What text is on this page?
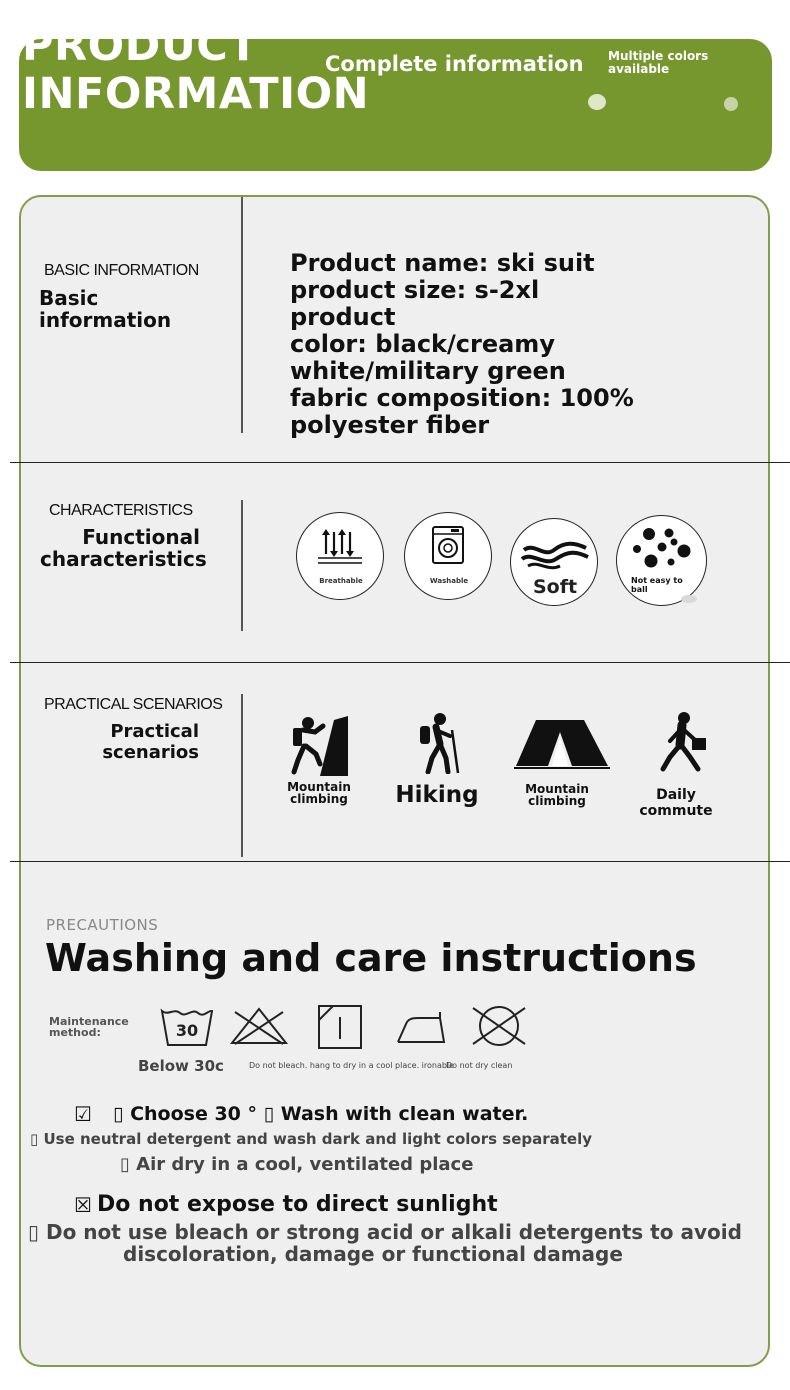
PRODUCT
INFORMATION
Complete information Multiple colors
available
BASIC INFORMATION
Basic
information
Product name: ski suit
product size: s-2xl product
color: black/creamy
white/military green
fabric composition: 100%
polyester fiber
CHARACTERISTICS
Functional
characteristics
Breathable	Washable	Soft	Not easy to
ball
PRACTICAL SCENARIOS
Practical
scenarios
Mountain
climbing	Hiking	Mountain
climbing	Daily commute
PRECAUTIONS
Washing and care instructions
Maintenance
method:	30
Below 30c	Do not bleach. hang to dry in a cool place. ironable
Do not dry clean
☑ ▯ Choose 30 ° ▯ Wash with clean water.
▯ Use neutral detergent and wash dark and light colors separately
▯ Air dry in a cool, ventilated place
☒ Do not expose to direct sunlight
▯ Do not use bleach or strong acid or alkali detergents to avoid
discoloration, damage or functional damage
